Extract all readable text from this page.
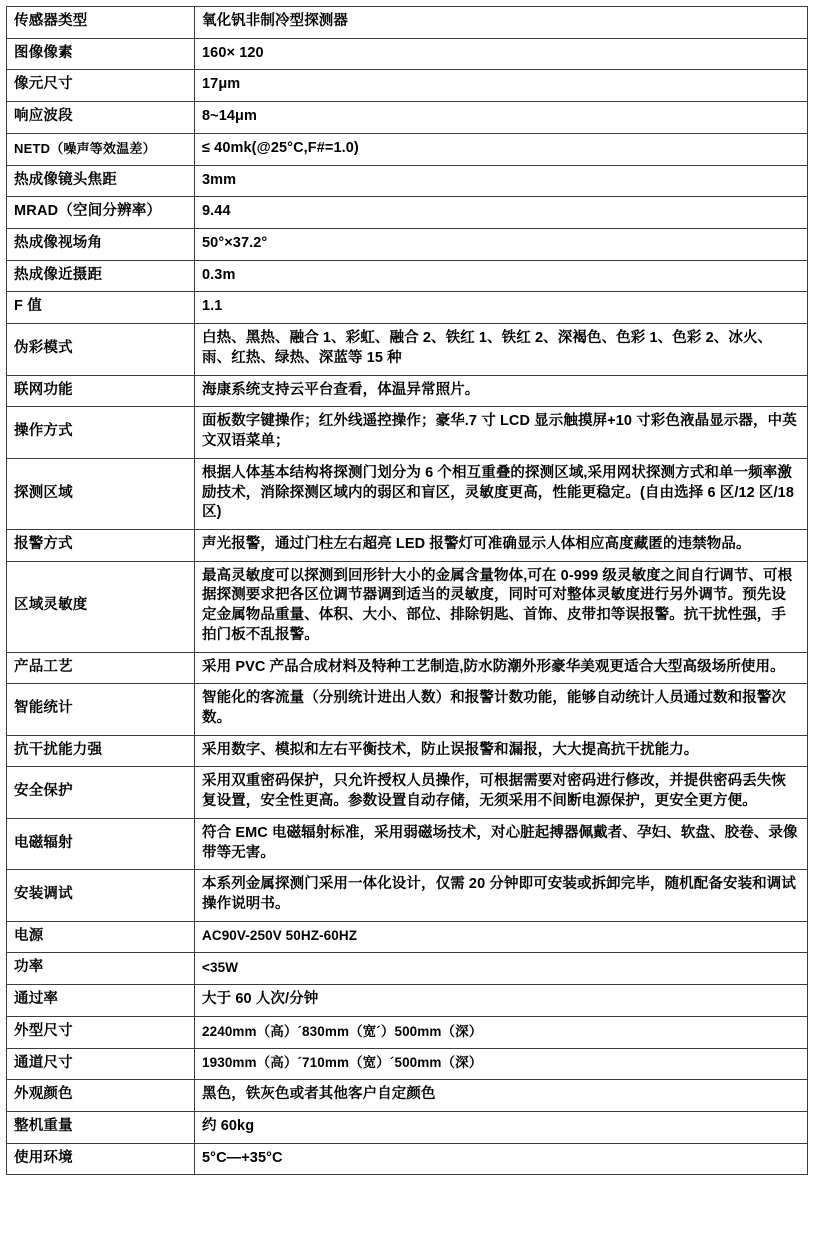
传感器类型	氧化钒非制冷型探测器
图像像素	160× 120
像元尺寸	17μm
响应波段	8~14μm
NETD（噪声等效温差）	≤ 40mk(@25°C,F#=1.0)
热成像镜头焦距	3mm
MRAD（空间分辨率）	9.44
热成像视场角	50°×37.2°
热成像近摄距	0.3m
F 值	1.1
伪彩模式	白热、黑热、融合 1、彩虹、融合 2、铁红 1、铁红 2、深褐色、色彩 1、色彩 2、冰火、雨、红热、绿热、深蓝等 15 种
联网功能	海康系统支持云平台查看，体温异常照片。
操作方式	面板数字键操作；红外线遥控操作；豪华.7 寸 LCD 显示触摸屏+10 寸彩色液晶显示器，中英文双语菜单；
探测区域	根据人体基本结构将探测门划分为 6 个相互重叠的探测区域,采用网状探测方式和单一频率激励技术，消除探测区域内的弱区和盲区，灵敏度更高，性能更稳定。(自由选择 6 区/12 区/18 区)
报警方式	声光报警，通过门柱左右超亮 LED 报警灯可准确显示人体相应高度藏匿的违禁物品。
区域灵敏度	最高灵敏度可以探测到回形针大小的金属含量物体,可在 0-999 级灵敏度之间自行调节、可根据探测要求把各区位调节器调到适当的灵敏度，同时可对整体灵敏度进行另外调节。预先设定金属物品重量、体积、大小、部位、排除钥匙、首饰、皮带扣等误报警。抗干扰性强，手拍门板不乱报警。
产品工艺	采用 PVC 产品合成材料及特种工艺制造,防水防潮外形豪华美观更适合大型高级场所使用。
智能统计	智能化的客流量（分别统计进出人数）和报警计数功能，能够自动统计人员通过数和报警次数。
抗干扰能力强	采用数字、模拟和左右平衡技术，防止误报警和漏报，大大提高抗干扰能力。
安全保护	采用双重密码保护，只允许授权人员操作，可根据需要对密码进行修改，并提供密码丢失恢复设置，安全性更高。参数设置自动存储，无须采用不间断电源保护，更安全更方便。
电磁辐射	符合 EMC 电磁辐射标准，采用弱磁场技术，对心脏起搏器佩戴者、孕妇、软盘、胶卷、录像带等无害。
安装调试	本系列金属探测门采用一体化设计，仅需 20 分钟即可安装或拆卸完毕，随机配备安装和调试操作说明书。
电源	AC90V-250V 50HZ-60HZ
功率	<35W
通过率	大于 60 人次/分钟
外型尺寸	2240mm（高）´830mm（宽´）500mm（深）
通道尺寸	1930mm（高）´710mm（宽）´500mm（深）
外观颜色	黑色，铁灰色或者其他客户自定颜色
整机重量	约 60kg
使用环境	5°C—+35°C
